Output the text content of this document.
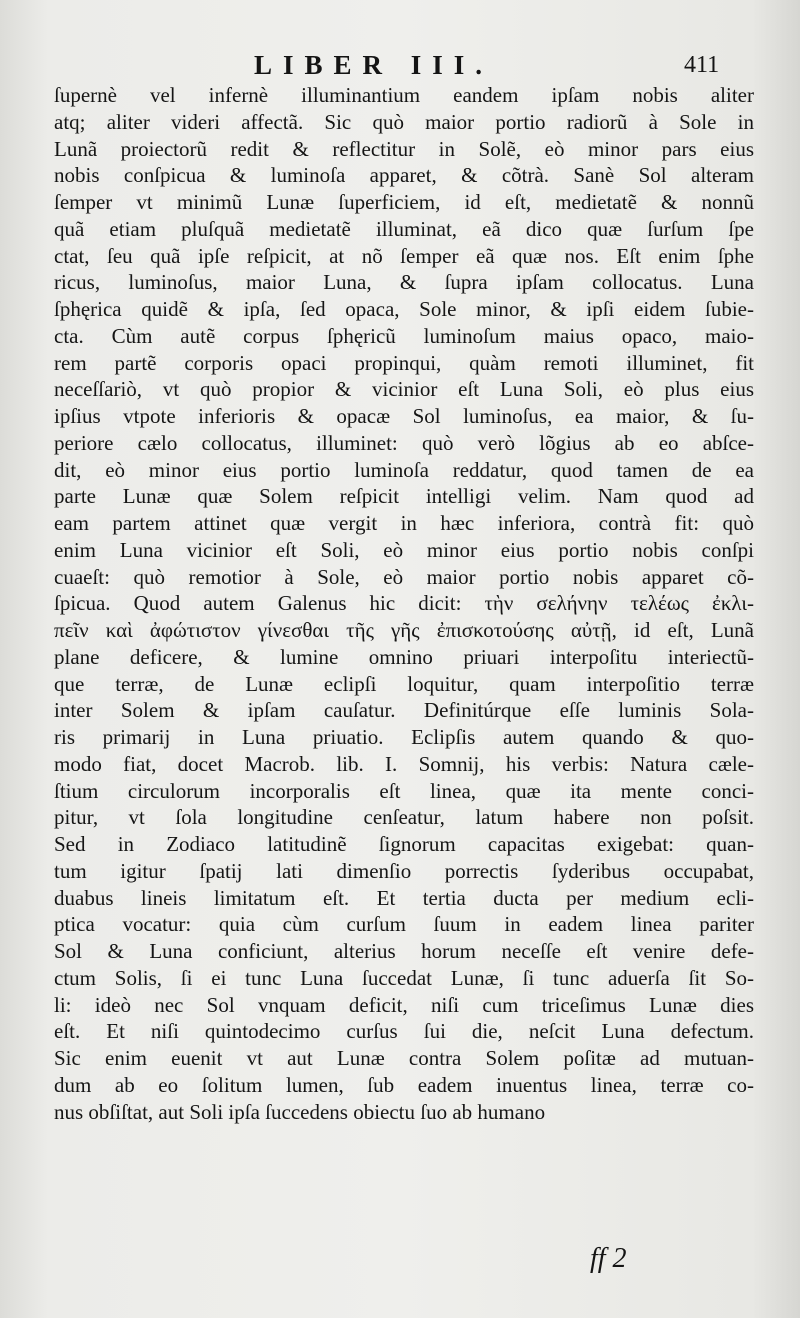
LIBER III.	411
ſupernè vel infernè illuminantium eandem ipſam nobis aliter
atq; aliter videri affectã. Sic quò maior portio radiorũ à Sole in
Lunã proiectorũ redit & reflectitur in Solẽ, eò minor pars eius
nobis conſpicua & luminoſa apparet, & cõtrà. Sanè Sol alteram
ſemper vt minimũ Lunæ ſuperficiem, id eſt, medietatẽ & nonnũ
quã etiam pluſquã medietatẽ illuminat, eã dico quæ ſurſum ſpe
ctat, ſeu quã ipſe reſpicit, at nõ ſemper eã quæ nos. Eſt enim ſphe
ricus, luminoſus, maior Luna, & ſupra ipſam collocatus. Luna
ſphęrica quidẽ & ipſa, ſed opaca, Sole minor, & ipſi eidem ſubie-
cta. Cùm autẽ corpus ſphęricũ luminoſum maius opaco, maio-
rem partẽ corporis opaci propinqui, quàm remoti illuminet, fit
neceſſariò, vt quò propior & vicinior eſt Luna Soli, eò plus eius
ipſius vtpote inferioris & opacæ Sol luminoſus, ea maior, & ſu-
periore cælo collocatus, illuminet: quò verò lõgius ab eo abſce-
dit, eò minor eius portio luminoſa reddatur, quod tamen de ea
parte Lunæ quæ Solem reſpicit intelligi velim. Nam quod ad
eam partem attinet quæ vergit in hæc inferiora, contrà fit: quò
enim Luna vicinior eſt Soli, eò minor eius portio nobis conſpi
cuaeſt: quò remotior à Sole, eò maior portio nobis apparet cõ-
ſpicua. Quod autem Galenus hic dicit: τὴν σελήνην τελέως ἐκλι-
πεῖν καὶ ἀφώτιστον γίνεσθαι τῆς γῆς ἐπισκοτούσης αὐτῇ, id eſt, Lunã
plane deficere, & lumine omnino priuari interpoſitu interiectũ-
que terræ, de Lunæ eclipſi loquitur, quam interpoſitio terræ
inter Solem & ipſam cauſatur. Definitúrque eſſe luminis Sola-
ris primarij in Luna priuatio. Eclipſis autem quando & quo-
modo fiat, docet Macrob. lib. I. Somnij, his verbis: Natura cæle-
ſtium circulorum incorporalis eſt linea, quæ ita mente conci-
pitur, vt ſola longitudine cenſeatur, latum habere non poſsit.
Sed in Zodiaco latitudinẽ ſignorum capacitas exigebat: quan-
tum igitur ſpatij lati dimenſio porrectis ſyderibus occupabat,
duabus lineis limitatum eſt. Et tertia ducta per medium ecli-
ptica vocatur: quia cùm curſum ſuum in eadem linea pariter
Sol & Luna conficiunt, alterius horum neceſſe eſt venire defe-
ctum Solis, ſi ei tunc Luna ſuccedat Lunæ, ſi tunc aduerſa ſit So-
li: ideò nec Sol vnquam deficit, niſi cum triceſimus Lunæ dies
eſt. Et niſi quintodecimo curſus ſui die, neſcit Luna defectum.
Sic enim euenit vt aut Lunæ contra Solem poſitæ ad mutuan-
dum ab eo ſolitum lumen, ſub eadem inuentus linea, terræ co-
nus obſiſtat, aut Soli ipſa ſuccedens obiectu ſuo ab humano
ff 2
